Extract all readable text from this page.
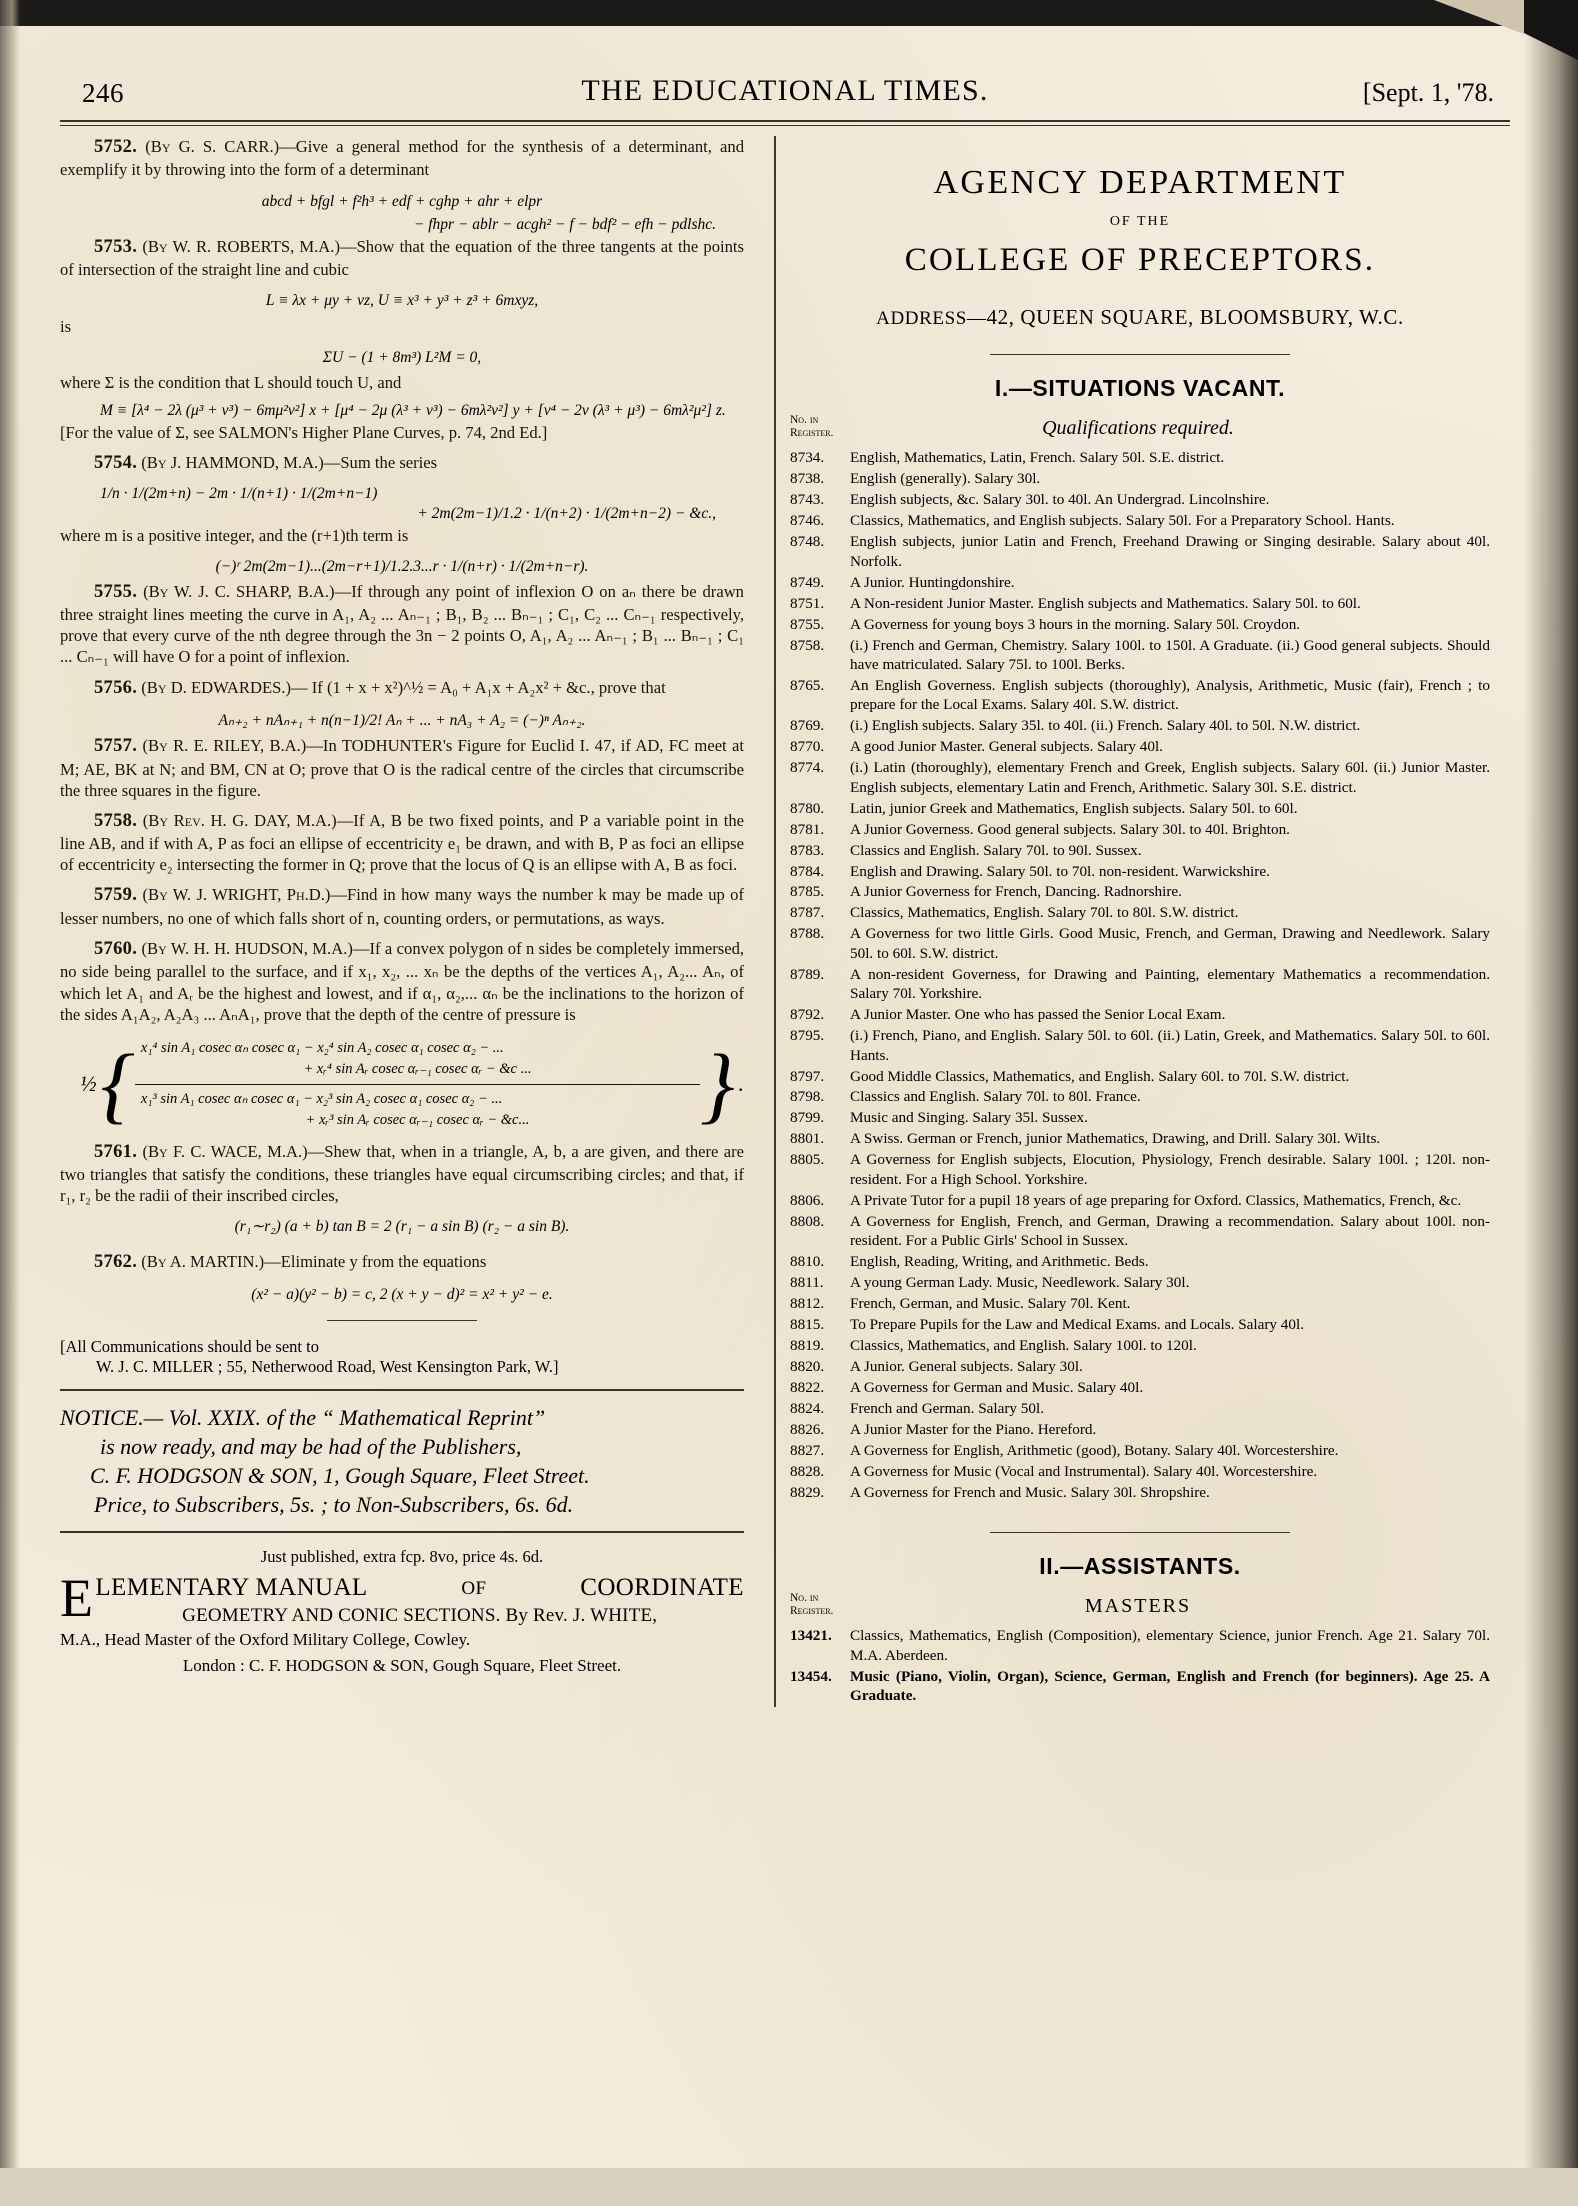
246	THE EDUCATIONAL TIMES.	[Sept. 1, '78.
5752. (By G. S. CARR.)—Give a general method for the synthesis of a determinant, and exemplify it by throwing into the form of a determinant
abcd + bfgl + f²h³ + edf + cghp + ahr + elpr
− fhpr − ablr − acgh² − f − bdf² − efh − pdlshc.
5753. (By W. R. ROBERTS, M.A.)—Show that the equation of the three tangents at the points of intersection of the straight line and cubic
L ≡ λx + μy + νz, U ≡ x³ + y³ + z³ + 6mxyz,
is
ΣU − (1 + 8m³) L²M = 0,
where Σ is the condition that L should touch U, and
M ≡ [λ⁴ − 2λ (μ³ + ν³) − 6mμ²ν²] x + [μ⁴ − 2μ (λ³ + ν³) − 6mλ²ν²] y + [ν⁴ − 2ν (λ³ + μ³) − 6mλ²μ²] z.
[For the value of Σ, see SALMON's Higher Plane Curves, p. 74, 2nd Ed.]
5754. (By J. HAMMOND, M.A.)—Sum the series
1/n · 1/(2m+n) − 2m · 1/(n+1) · 1/(2m+n−1)
+ 2m(2m−1)/1.2 · 1/(n+2) · 1/(2m+n−2) − &c.,
where m is a positive integer, and the (r+1)th term is
(−)ʳ 2m(2m−1)...(2m−r+1)/1.2.3...r · 1/(n+r) · 1/(2m+n−r).
5755. (By W. J. C. SHARP, B.A.)—If through any point of inflexion O on aₙ there be drawn three straight lines meeting the curve in A₁, A₂ ... Aₙ₋₁ ; B₁, B₂ ... Bₙ₋₁ ; C₁, C₂ ... Cₙ₋₁ respectively, prove that every curve of the nth degree through the 3n − 2 points O, A₁, A₂ ... Aₙ₋₁ ; B₁ ... Bₙ₋₁ ; C₁ ... Cₙ₋₁ will have O for a point of inflexion.
5756. (By D. EDWARDES.)— If (1 + x + x²)^½ = A₀ + A₁x + A₂x² + &c., prove that
Aₙ₊₂ + nAₙ₊₁ + n(n−1)/2! Aₙ + ... + nA₃ + A₂ = (−)ⁿ Aₙ₊₂.
5757. (By R. E. RILEY, B.A.)—In TODHUNTER's Figure for Euclid I. 47, if AD, FC meet at M; AE, BK at N; and BM, CN at O; prove that O is the radical centre of the circles that circumscribe the three squares in the figure.
5758. (By Rev. H. G. DAY, M.A.)—If A, B be two fixed points, and P a variable point in the line AB, and if with A, P as foci an ellipse of eccentricity e₁ be drawn, and with B, P as foci an ellipse of eccentricity e₂ intersecting the former in Q; prove that the locus of Q is an ellipse with A, B as foci.
5759. (By W. J. WRIGHT, Ph.D.)—Find in how many ways the number k may be made up of lesser numbers, no one of which falls short of n, counting orders, or permutations, as ways.
5760. (By W. H. H. HUDSON, M.A.)—If a convex polygon of n sides be completely immersed, no side being parallel to the surface, and if x₁, x₂, ... xₙ be the depths of the vertices A₁, A₂... Aₙ, of which let A₁ and Aᵣ be the highest and lowest, and if α₁, α₂,... αₙ be the inclinations to the horizon of the sides A₁A₂, A₂A₃ ... AₙA₁, prove that the depth of the centre of pressure is
½ { x₁⁴ sin A₁ cosec αₙ cosec α₁ − x₂⁴ sin A₂ cosec α₁ cosec α₂ − ...
+ xᵣ⁴ sin Aᵣ cosec αᵣ₋₁ cosec αᵣ − &c ...
x₁³ sin A₁ cosec αₙ cosec α₁ − x₂³ sin A₂ cosec α₁ cosec α₂ − ...
+ xᵣ³ sin Aᵣ cosec αᵣ₋₁ cosec αᵣ − &c...	} .
5761. (By F. C. WACE, M.A.)—Shew that, when in a triangle, A, b, a are given, and there are two triangles that satisfy the conditions, these triangles have equal circumscribing circles; and that, if r₁, r₂ be the radii of their inscribed circles,
(r₁∼r₂) (a + b) tan B = 2 (r₁ − a sin B) (r₂ − a sin B).
5762. (By A. MARTIN.)—Eliminate y from the equations
(x² − a)(y² − b) = c, 2 (x + y − d)² = x² + y² − e.
[All Communications should be sent to
W. J. C. MILLER ; 55, Netherwood Road, West Kensington Park, W.]
NOTICE.— Vol. XXIX. of the “ Mathematical Reprint”
is now ready, and may be had of the Publishers,
C. F. HODGSON & SON, 1, Gough Square, Fleet Street.
Price, to Subscribers, 5s. ; to Non-Subscribers, 6s. 6d.
Just published, extra fcp. 8vo, price 4s. 6d.
E LEMENTARY MANUAL	OF	COORDINATE
GEOMETRY AND CONIC SECTIONS. By Rev. J. WHITE,
M.A., Head Master of the Oxford Military College, Cowley.
London : C. F. HODGSON & SON, Gough Square, Fleet Street.
AGENCY DEPARTMENT
OF THE
COLLEGE OF PRECEPTORS.
ADDRESS—42, QUEEN SQUARE, BLOOMSBURY, W.C.
I.—SITUATIONS VACANT.
No. in
Register.	Qualifications required.
8734.	English, Mathematics, Latin, French. Salary 50l. S.E. district.
8738.	English (generally). Salary 30l.
8743.	English subjects, &c. Salary 30l. to 40l. An Undergrad. Lincolnshire.
8746.	Classics, Mathematics, and English subjects. Salary 50l. For a Preparatory School. Hants.
8748.	English subjects, junior Latin and French, Freehand Drawing or Singing desirable. Salary about 40l. Norfolk.
8749.	A Junior. Huntingdonshire.
8751.	A Non-resident Junior Master. English subjects and Mathematics. Salary 50l. to 60l.
8755.	A Governess for young boys 3 hours in the morning. Salary 50l. Croydon.
8758.	(i.) French and German, Chemistry. Salary 100l. to 150l. A Graduate. (ii.) Good general subjects. Should have matriculated. Salary 75l. to 100l. Berks.
8765.	An English Governess. English subjects (thoroughly), Analysis, Arithmetic, Music (fair), French ; to prepare for the Local Exams. Salary 40l. S.W. district.
8769.	(i.) English subjects. Salary 35l. to 40l. (ii.) French. Salary 40l. to 50l. N.W. district.
8770.	A good Junior Master. General subjects. Salary 40l.
8774.	(i.) Latin (thoroughly), elementary French and Greek, English subjects. Salary 60l. (ii.) Junior Master. English subjects, elementary Latin and French, Arithmetic. Salary 30l. S.E. district.
8780.	Latin, junior Greek and Mathematics, English subjects. Salary 50l. to 60l.
8781.	A Junior Governess. Good general subjects. Salary 30l. to 40l. Brighton.
8783.	Classics and English. Salary 70l. to 90l. Sussex.
8784.	English and Drawing. Salary 50l. to 70l. non-resident. Warwickshire.
8785.	A Junior Governess for French, Dancing. Radnorshire.
8787.	Classics, Mathematics, English. Salary 70l. to 80l. S.W. district.
8788.	A Governess for two little Girls. Good Music, French, and German, Drawing and Needlework. Salary 50l. to 60l. S.W. district.
8789.	A non-resident Governess, for Drawing and Painting, elementary Mathematics a recommendation. Salary 70l. Yorkshire.
8792.	A Junior Master. One who has passed the Senior Local Exam.
8795.	(i.) French, Piano, and English. Salary 50l. to 60l. (ii.) Latin, Greek, and Mathematics. Salary 50l. to 60l. Hants.
8797.	Good Middle Classics, Mathematics, and English. Salary 60l. to 70l. S.W. district.
8798.	Classics and English. Salary 70l. to 80l. France.
8799.	Music and Singing. Salary 35l. Sussex.
8801.	A Swiss. German or French, junior Mathematics, Drawing, and Drill. Salary 30l. Wilts.
8805.	A Governess for English subjects, Elocution, Physiology, French desirable. Salary 100l. ; 120l. non-resident. For a High School. Yorkshire.
8806.	A Private Tutor for a pupil 18 years of age preparing for Oxford. Classics, Mathematics, French, &c.
8808.	A Governess for English, French, and German, Drawing a recommendation. Salary about 100l. non-resident. For a Public Girls' School in Sussex.
8810.	English, Reading, Writing, and Arithmetic. Beds.
8811.	A young German Lady. Music, Needlework. Salary 30l.
8812.	French, German, and Music. Salary 70l. Kent.
8815.	To Prepare Pupils for the Law and Medical Exams. and Locals. Salary 40l.
8819.	Classics, Mathematics, and English. Salary 100l. to 120l.
8820.	A Junior. General subjects. Salary 30l.
8822.	A Governess for German and Music. Salary 40l.
8824.	French and German. Salary 50l.
8826.	A Junior Master for the Piano. Hereford.
8827.	A Governess for English, Arithmetic (good), Botany. Salary 40l. Worcestershire.
8828.	A Governess for Music (Vocal and Instrumental). Salary 40l. Worcestershire.
8829.	A Governess for French and Music. Salary 30l. Shropshire.
II.—ASSISTANTS.
No. in
Register.	MASTERS
13421.	Classics, Mathematics, English (Composition), elementary Science, junior French. Age 21. Salary 70l. M.A. Aberdeen.
13454.	Music (Piano, Violin, Organ), Science, German, English and French (for beginners). Age 25. A Graduate.
